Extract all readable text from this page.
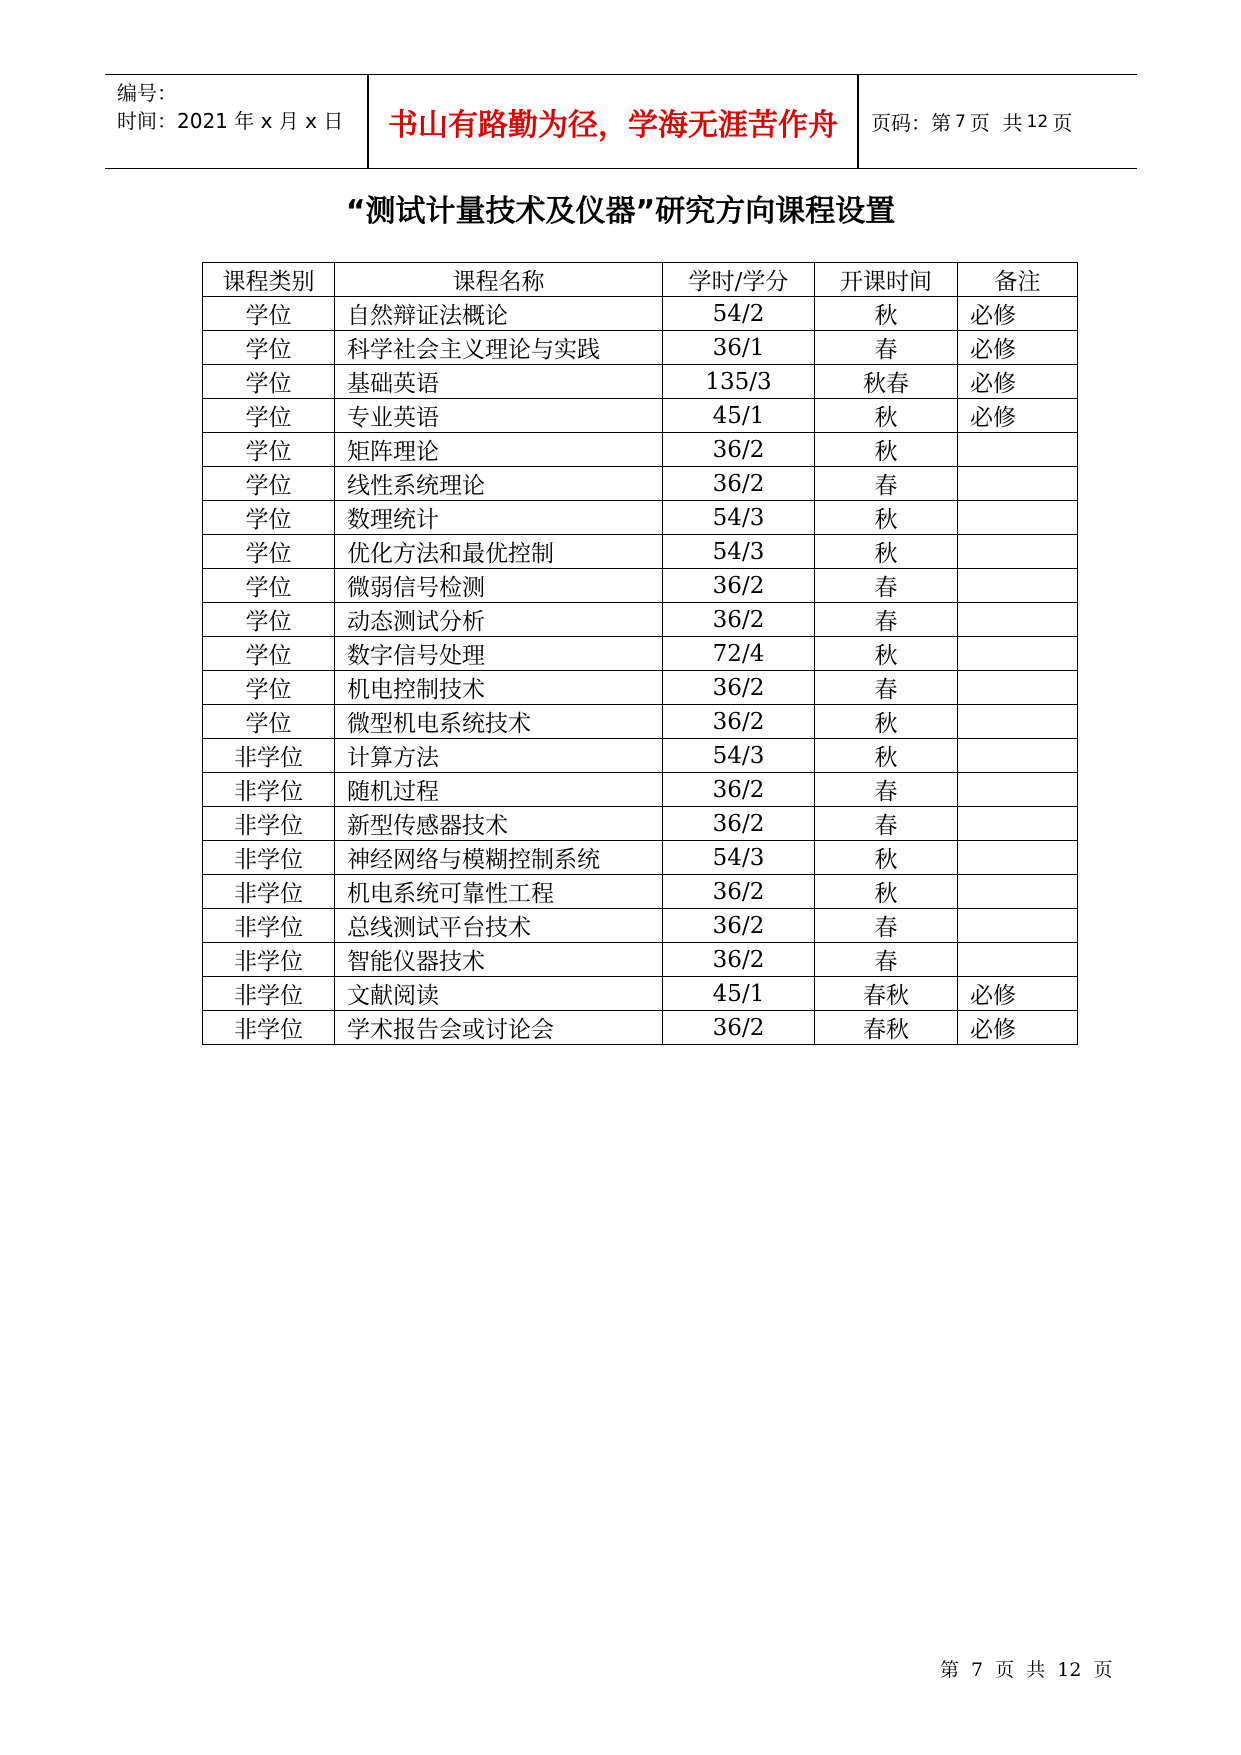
编号：
时间：2021 年 x 月 x 日	书山有路勤为径，学海无涯苦作舟	页码：第 7 页  共 12 页
“测试计量技术及仪器”研究方向课程设置
课程类别	课程名称	学时/学分	开课时间	备注
学位	自然辩证法概论	54/2	秋	必修
学位	科学社会主义理论与实践	36/1	春	必修
学位	基础英语	135/3	秋春	必修
学位	专业英语	45/1	秋	必修
学位	矩阵理论	36/2	秋	
学位	线性系统理论	36/2	春	
学位	数理统计	54/3	秋	
学位	优化方法和最优控制	54/3	秋	
学位	微弱信号检测	36/2	春	
学位	动态测试分析	36/2	春	
学位	数字信号处理	72/4	秋	
学位	机电控制技术	36/2	春	
学位	微型机电系统技术	36/2	秋	
非学位	计算方法	54/3	秋	
非学位	随机过程	36/2	春	
非学位	新型传感器技术	36/2	春	
非学位	神经网络与模糊控制系统	54/3	秋	
非学位	机电系统可靠性工程	36/2	秋	
非学位	总线测试平台技术	36/2	春	
非学位	智能仪器技术	36/2	春	
非学位	文献阅读	45/1	春秋	必修
非学位	学术报告会或讨论会	36/2	春秋	必修
第 7 页 共 12 页
